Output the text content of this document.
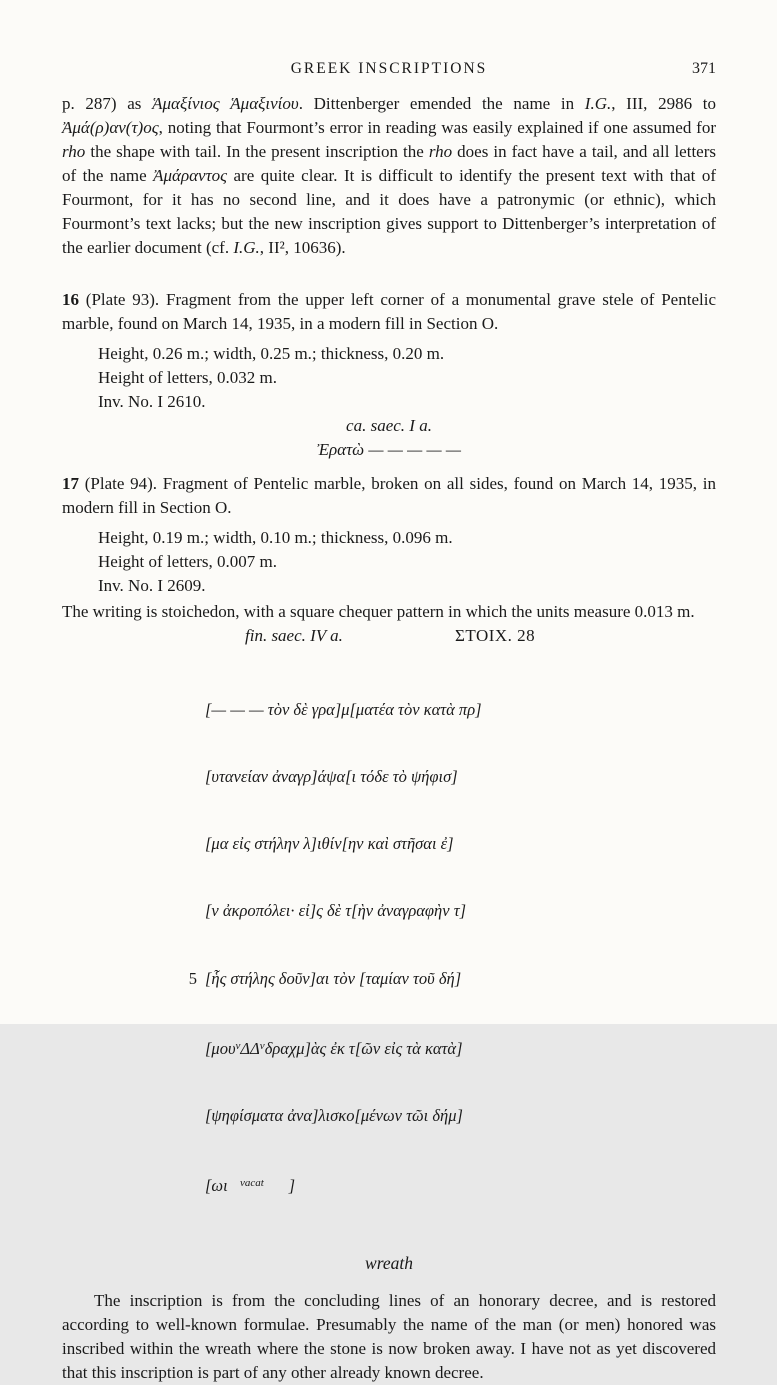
GREEK INSCRIPTIONS	371

p. 287) as Ἁμαξίνιος Ἁμαξινίου. Dittenberger emended the name in I.G., III, 2986 to Ἀμά(ρ)αν(τ)ος, noting that Fourmont’s error in reading was easily explained if one assumed for rho the shape with tail. In the present inscription the rho does in fact have a tail, and all letters of the name Ἀμάραντος are quite clear. It is difficult to identify the present text with that of Fourmont, for it has no second line, and it does have a patronymic (or ethnic), which Fourmont’s text lacks; but the new inscription gives support to Dittenberger’s interpretation of the earlier document (cf. I.G., II², 10636).

16 (Plate 93). Fragment from the upper left corner of a monumental grave stele of Pentelic marble, found on March 14, 1935, in a modern fill in Section Ο.

Height, 0.26 m.; width, 0.25 m.; thickness, 0.20 m.
Height of letters, 0.032 m.
Inv. No. I 2610.
ca. saec. I a.
Ἐρατὼ — — — — —

17 (Plate 94). Fragment of Pentelic marble, broken on all sides, found on March 14, 1935, in modern fill in Section Ο.

Height, 0.19 m.; width, 0.10 m.; thickness, 0.096 m.
Height of letters, 0.007 m.
Inv. No. I 2609.

The writing is stoichedon, with a square chequer pattern in which the units measure 0.013 m.

fin. saec. IV a.	ΣΤΟΙΧ. 28

[— — — τὸν δὲ γρα]μ[ματέα τὸν κατὰ πρ]

[υτανείαν ἀναγρ]άψα[ι τόδε τὸ ψήφισ]

[μα εἰς στήλην λ]ιθίν[ην καὶ στῆσαι ἐ]

[ν ἀκροπόλει· εἰ]ς δὲ τ[ὴν ἀναγραφὴν τ]

5 [ἧς στήλης δοῦν]αι τὸν [ταμίαν τοῦ δή]

$[\mu o\upsilon^v\Delta\Delta^v\delta\rho\alpha\chi\mu]ὰ\varsigma$ ἐκ τ[ῶν εἰς τὰ κατὰ]

[ψηφίσματα ἀνα]λισκο[μένων τῶι δήμ]

[ωι   $^{vacat}$      ]

wreath

The inscription is from the concluding lines of an honorary decree, and is restored according to well-known formulae. Presumably the name of the man (or men) honored was inscribed within the wreath where the stone is now broken away. I have not as yet discovered that this inscription is part of any other already known decree.
